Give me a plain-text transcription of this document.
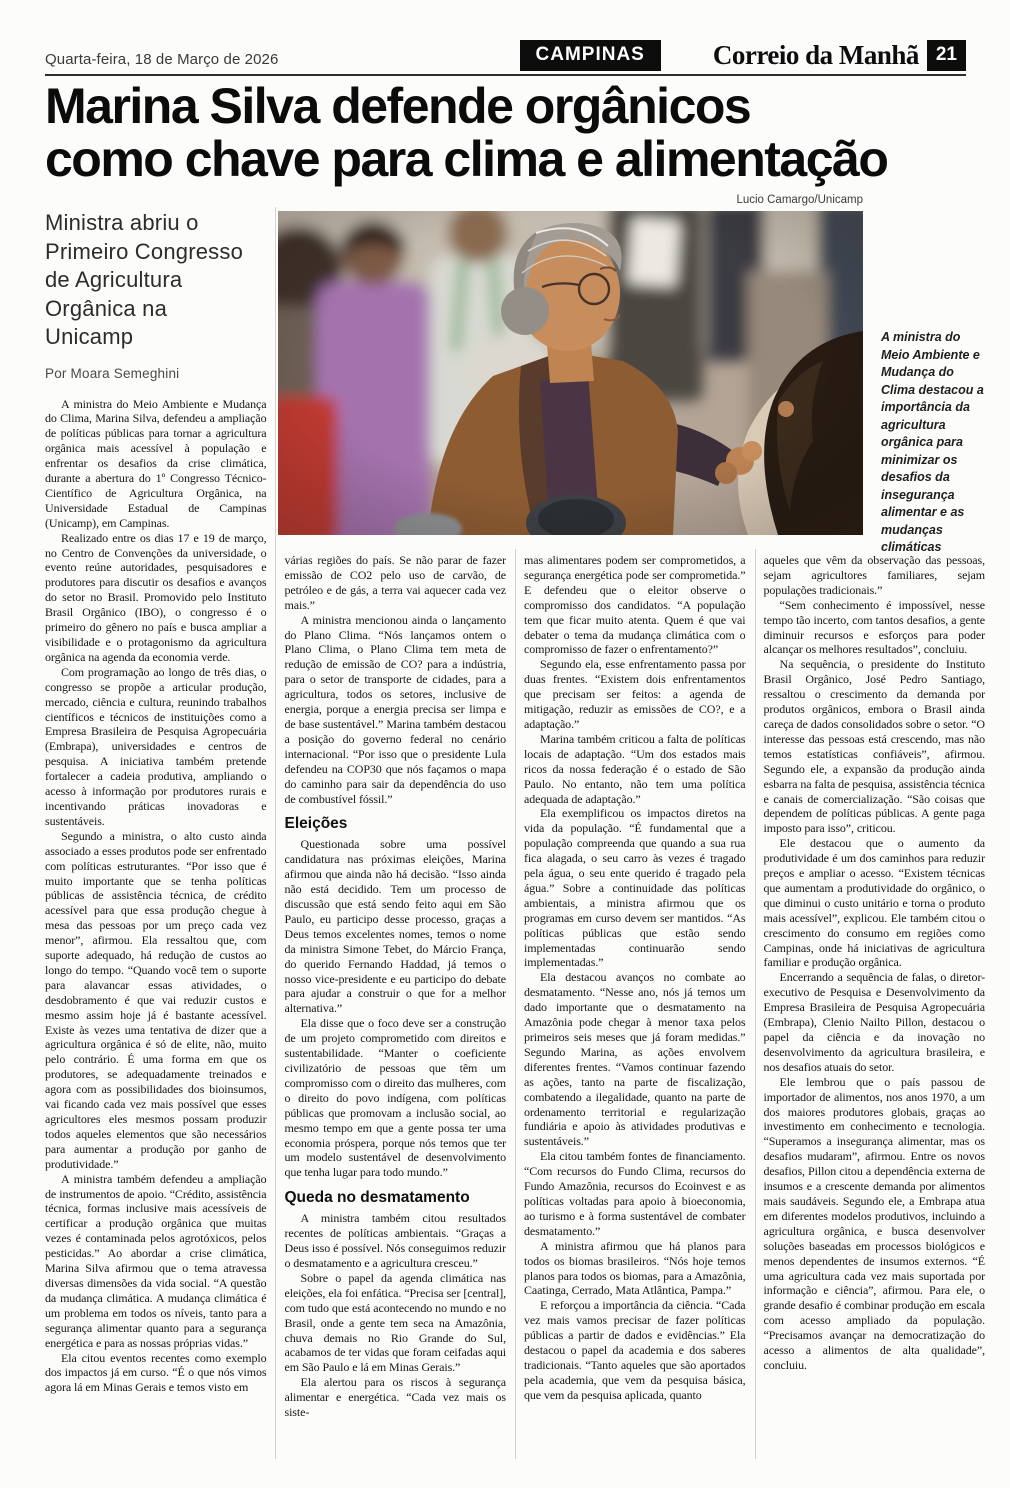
Quarta-feira, 18 de Março de 2026	CAMPINAS	Correio da Manhã 21
Marina Silva defende orgânicos
como chave para clima e alimentação
Ministra abriu o Primeiro Congresso de Agricultura Orgânica na Unicamp
Por Moara Semeghini

A ministra do Meio Ambiente e Mudança do Clima, Marina Silva, defendeu a ampliação de políticas públicas para tornar a agricultura orgânica mais acessível à população e enfrentar os desafios da crise climática, durante a abertura do 1º Congresso Técnico-Científico de Agricultura Orgânica, na Universidade Estadual de Campinas (Unicamp), em Campinas.

Realizado entre os dias 17 e 19 de março, no Centro de Convenções da universidade, o evento reúne autoridades, pesquisadores e produtores para discutir os desafios e avanços do setor no Brasil. Promovido pelo Instituto Brasil Orgânico (IBO), o congresso é o primeiro do gênero no país e busca ampliar a visibilidade e o protagonismo da agricultura orgânica na agenda da economia verde.

Com programação ao longo de três dias, o congresso se propõe a articular produção, mercado, ciência e cultura, reunindo trabalhos científicos e técnicos de instituições como a Empresa Brasileira de Pesquisa Agropecuária (Embrapa), universidades e centros de pesquisa. A iniciativa também pretende fortalecer a cadeia produtiva, ampliando o acesso à informação por produtores rurais e incentivando práticas inovadoras e sustentáveis.

Segundo a ministra, o alto custo ainda associado a esses produtos pode ser enfrentado com políticas estruturantes. “Por isso que é muito importante que se tenha políticas públicas de assistência técnica, de crédito acessível para que essa produção chegue à mesa das pessoas por um preço cada vez menor”, afirmou. Ela ressaltou que, com suporte adequado, há redução de custos ao longo do tempo. “Quando você tem o suporte para alavancar essas atividades, o desdobramento é que vai reduzir custos e mesmo assim hoje já é bastante acessível. Existe às vezes uma tentativa de dizer que a agricultura orgânica é só de elite, não, muito pelo contrário. É uma forma em que os produtores, se adequadamente treinados e agora com as possibilidades dos bioinsumos, vai ficando cada vez mais possível que esses agricultores eles mesmos possam produzir todos aqueles elementos que são necessários para aumentar a produção por ganho de produtividade.”

A ministra também defendeu a ampliação de instrumentos de apoio. “Crédito, assistência técnica, formas inclusive mais acessíveis de certificar a produção orgânica que muitas vezes é contaminada pelos agrotóxicos, pelos pesticidas.” Ao abordar a crise climática, Marina Silva afirmou que o tema atravessa diversas dimensões da vida social. “A questão da mudança climática. A mudança climática é um problema em todos os níveis, tanto para a segurança alimentar quanto para a segurança energética e para as nossas próprias vidas.”

Ela citou eventos recentes como exemplo dos impactos já em curso. “É o que nós vimos agora lá em Minas Gerais e temos visto em

várias regiões do país. Se não parar de fazer emissão de CO2 pelo uso de carvão, de petróleo e de gás, a terra vai aquecer cada vez mais.”

A ministra mencionou ainda o lançamento do Plano Clima. “Nós lançamos ontem o Plano Clima, o Plano Clima tem meta de redução de emissão de CO? para a indústria, para o setor de transporte de cidades, para a agricultura, todos os setores, inclusive de energia, porque a energia precisa ser limpa e de base sustentável.” Marina também destacou a posição do governo federal no cenário internacional. “Por isso que o presidente Lula defendeu na COP30 que nós façamos o mapa do caminho para sair da dependência do uso de combustível fóssil.”

Eleições

Questionada sobre uma possível candidatura nas próximas eleições, Marina afirmou que ainda não há decisão. “Isso ainda não está decidido. Tem um processo de discussão que está sendo feito aqui em São Paulo, eu participo desse processo, graças a Deus temos excelentes nomes, temos o nome da ministra Simone Tebet, do Márcio França, do querido Fernando Haddad, já temos o nosso vice-presidente e eu participo do debate para ajudar a construir o que for a melhor alternativa.”

Ela disse que o foco deve ser a construção de um projeto comprometido com direitos e sustentabilidade. “Manter o coeficiente civilizatório de pessoas que têm um compromisso com o direito das mulheres, com o direito do povo indígena, com políticas públicas que promovam a inclusão social, ao mesmo tempo em que a gente possa ter uma economia próspera, porque nós temos que ter um modelo sustentável de desenvolvimento que tenha lugar para todo mundo.”

Queda no desmatamento

A ministra também citou resultados recentes de políticas ambientais. “Graças a Deus isso é possível. Nós conseguimos reduzir o desmatamento e a agricultura cresceu.”

Sobre o papel da agenda climática nas eleições, ela foi enfática. “Precisa ser [central], com tudo que está acontecendo no mundo e no Brasil, onde a gente tem seca na Amazônia, chuva demais no Rio Grande do Sul, acabamos de ter vidas que foram ceifadas aqui em São Paulo e lá em Minas Gerais.”

Ela alertou para os riscos à segurança alimentar e energética. “Cada vez mais os siste-

mas alimentares podem ser comprometidos, a segurança energética pode ser comprometida.” E defendeu que o eleitor observe o compromisso dos candidatos. “A população tem que ficar muito atenta. Quem é que vai debater o tema da mudança climática com o compromisso de fazer o enfrentamento?”

Segundo ela, esse enfrentamento passa por duas frentes. “Existem dois enfrentamentos que precisam ser feitos: a agenda de mitigação, reduzir as emissões de CO?, e a adaptação.”

Marina também criticou a falta de políticas locais de adaptação. “Um dos estados mais ricos da nossa federação é o estado de São Paulo. No entanto, não tem uma política adequada de adaptação.”

Ela exemplificou os impactos diretos na vida da população. “É fundamental que a população compreenda que quando a sua rua fica alagada, o seu carro às vezes é tragado pela água, o seu ente querido é tragado pela água.” Sobre a continuidade das políticas ambientais, a ministra afirmou que os programas em curso devem ser mantidos. “As políticas públicas que estão sendo implementadas continuarão sendo implementadas.”

Ela destacou avanços no combate ao desmatamento. “Nesse ano, nós já temos um dado importante que o desmatamento na Amazônia pode chegar à menor taxa pelos primeiros seis meses que já foram medidas.” Segundo Marina, as ações envolvem diferentes frentes. “Vamos continuar fazendo as ações, tanto na parte de fiscalização, combatendo a ilegalidade, quanto na parte de ordenamento territorial e regularização fundiária e apoio às atividades produtivas e sustentáveis.”

Ela citou também fontes de financiamento. “Com recursos do Fundo Clima, recursos do Fundo Amazônia, recursos do Ecoinvest e as políticas voltadas para apoio à bioeconomia, ao turismo e à forma sustentável de combater desmatamento.”

A ministra afirmou que há planos para todos os biomas brasileiros. “Nós hoje temos planos para todos os biomas, para a Amazônia, Caatinga, Cerrado, Mata Atlântica, Pampa.”

E reforçou a importância da ciência. “Cada vez mais vamos precisar de fazer políticas públicas a partir de dados e evidências.” Ela destacou o papel da academia e dos saberes tradicionais. “Tanto aqueles que são aportados pela academia, que vem da pesquisa básica, que vem da pesquisa aplicada, quanto

aqueles que vêm da observação das pessoas, sejam agricultores familiares, sejam populações tradicionais.”

“Sem conhecimento é impossível, nesse tempo tão incerto, com tantos desafios, a gente diminuir recursos e esforços para poder alcançar os melhores resultados”, concluiu.

Na sequência, o presidente do Instituto Brasil Orgânico, José Pedro Santiago, ressaltou o crescimento da demanda por produtos orgânicos, embora o Brasil ainda careça de dados consolidados sobre o setor. “O interesse das pessoas está crescendo, mas não temos estatísticas confiáveis”, afirmou. Segundo ele, a expansão da produção ainda esbarra na falta de pesquisa, assistência técnica e canais de comercialização. “São coisas que dependem de políticas públicas. A gente paga imposto para isso”, criticou.

Ele destacou que o aumento da produtividade é um dos caminhos para reduzir preços e ampliar o acesso. “Existem técnicas que aumentam a produtividade do orgânico, o que diminui o custo unitário e torna o produto mais acessível”, explicou. Ele também citou o crescimento do consumo em regiões como Campinas, onde há iniciativas de agricultura familiar e produção orgânica.

Encerrando a sequência de falas, o diretor-executivo de Pesquisa e Desenvolvimento da Empresa Brasileira de Pesquisa Agropecuária (Embrapa), Clenio Nailto Pillon, destacou o papel da ciência e da inovação no desenvolvimento da agricultura brasileira, e nos desafios atuais do setor.

Ele lembrou que o país passou de importador de alimentos, nos anos 1970, a um dos maiores produtores globais, graças ao investimento em conhecimento e tecnologia. “Superamos a insegurança alimentar, mas os desafios mudaram”, afirmou. Entre os novos desafios, Pillon citou a dependência externa de insumos e a crescente demanda por alimentos mais saudáveis. Segundo ele, a Embrapa atua em diferentes modelos produtivos, incluindo a agricultura orgânica, e busca desenvolver soluções baseadas em processos biológicos e menos dependentes de insumos externos. “É uma agricultura cada vez mais suportada por informação e ciência”, afirmou. Para ele, o grande desafio é combinar produção em escala com acesso ampliado da população. “Precisamos avançar na democratização do acesso a alimentos de alta qualidade”, concluiu.

Lucio Camargo/Unicamp
A ministra do Meio Ambiente e Mudança do Clima destacou a importância da agricultura orgânica para minimizar os desafios da insegurança alimentar e as mudanças climáticas
